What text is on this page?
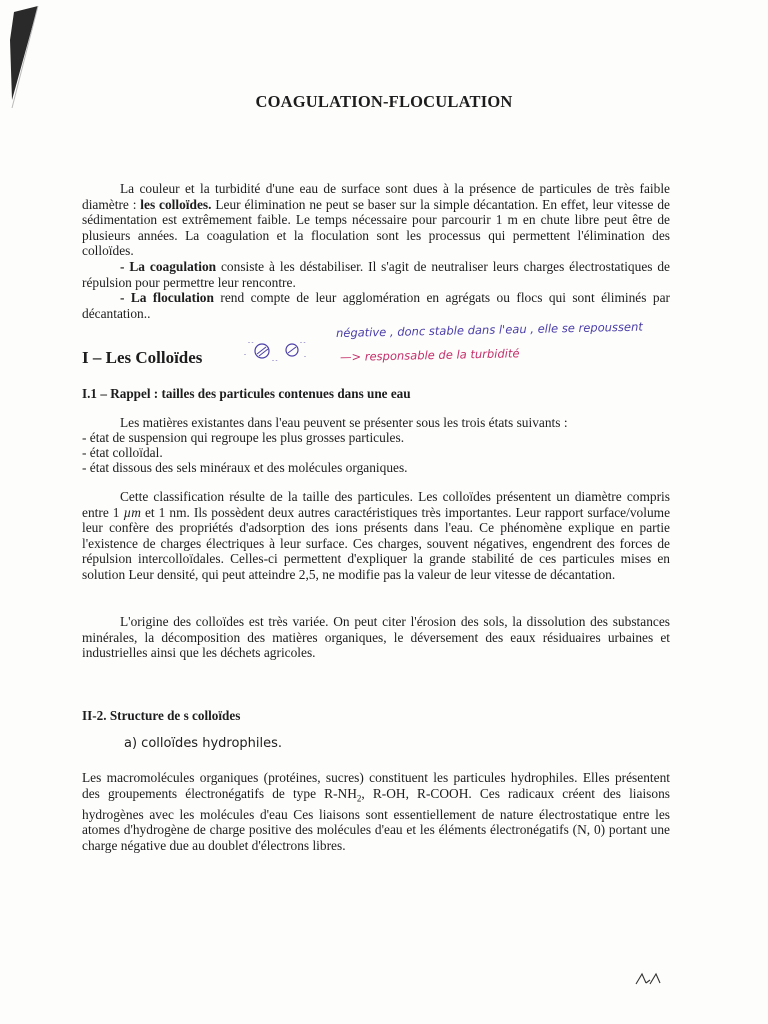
COAGULATION-FLOCULATION

La couleur et la turbidité d'une eau de surface sont dues à la présence de particules de très faible diamètre : les colloïdes. Leur élimination ne peut se baser sur la simple décantation. En effet, leur vitesse de sédimentation est extrêmement faible. Le temps nécessaire pour parcourir 1 m en chute libre peut être de plusieurs années. La coagulation et la floculation sont les processus qui permettent l'élimination des colloïdes.

- La coagulation consiste à les déstabiliser. Il s'agit de neutraliser leurs charges électrostatiques de répulsion pour permettre leur rencontre.

- La floculation rend compte de leur agglomération en agrégats ou flocs qui sont éliminés par décantation..

I – Les Colloïdes
- -
- -
- -
-	-
négative , donc stable dans l'eau , elle se repoussent
—> responsable de la turbidité
I.1 – Rappel : tailles des particules contenues dans une eau
Les matières existantes dans l'eau peuvent se présenter sous les trois états suivants :
- état de suspension qui regroupe les plus grosses particules.
- état colloïdal.
- état dissous des sels minéraux et des molécules organiques.

Cette classification résulte de la taille des particules. Les colloïdes présentent un diamètre compris entre 1 µm et 1 nm. Ils possèdent deux autres caractéristiques très importantes. Leur rapport surface/volume leur confère des propriétés d'adsorption des ions présents dans l'eau. Ce phénomène explique en partie l'existence de charges électriques à leur surface. Ces charges, souvent négatives, engendrent des forces de répulsion intercolloïdales. Celles-ci permettent d'expliquer la grande stabilité de ces particules mises en solution Leur densité, qui peut atteindre 2,5, ne modifie pas la valeur de leur vitesse de décantation.

L'origine des colloïdes est très variée. On peut citer l'érosion des sols, la dissolution des substances minérales, la décomposition des matières organiques, le déversement des eaux résiduaires urbaines et industrielles ainsi que les déchets agricoles.

II-2. Structure de s colloïdes
a) colloïdes hydrophiles.

Les macromolécules organiques (protéines, sucres) constituent les particules hydrophiles. Elles présentent des groupements électronégatifs de type $R-NH_2$, R-OH, R-COOH. Ces radicaux créent des liaisons hydrogènes avec les molécules d'eau Ces liaisons sont essentiellement de nature électrostatique entre les atomes d'hydrogène de charge positive des molécules d'eau et les éléments électronégatifs (N, 0) portant une charge négative due au doublet d'électrons libres.
